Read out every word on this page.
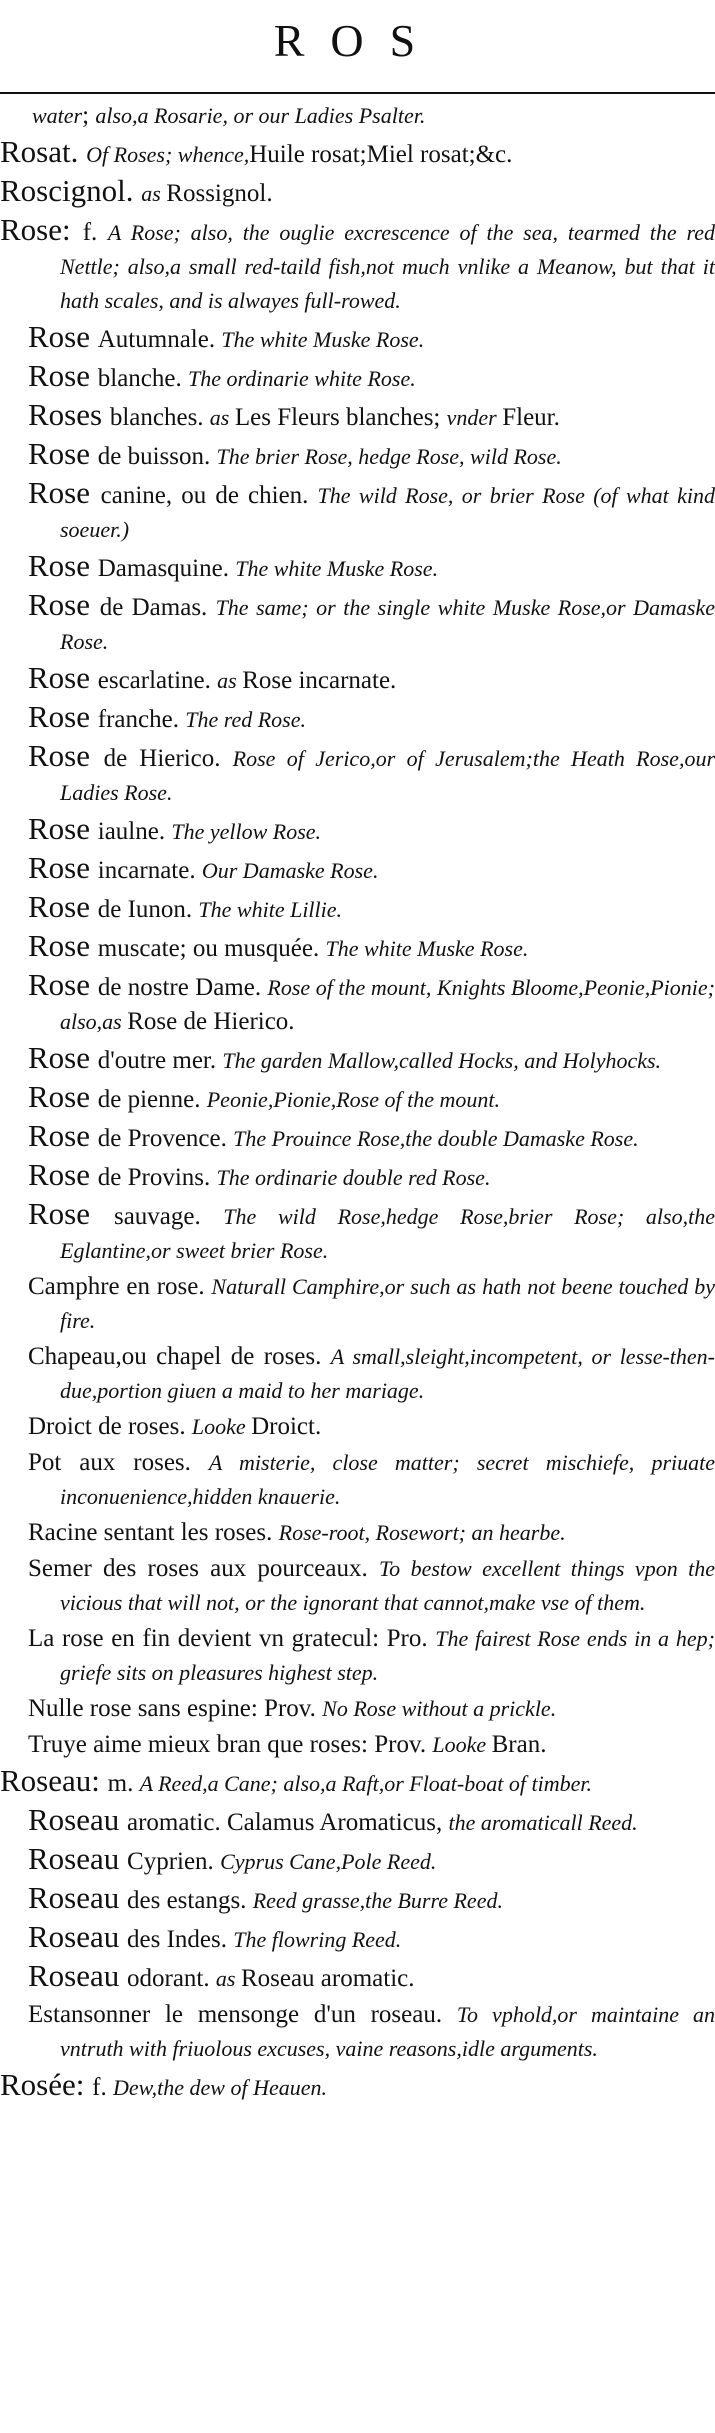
ROS
water; also,a Rosarie, or our Ladies Psalter.
Rosat. Of Roses; whence,Huile rosat;Miel rosat;&c.
Roscignol. as Rossignol.
Rose: f. A Rose; also, the ouglie excrescence of the sea, tearmed the red Nettle; also,a small red-taild fish,not much vnlike a Meanow, but that it hath scales, and is alwayes full-rowed.
Rose Autumnale. The white Muske Rose.
Rose blanche. The ordinarie white Rose.
Roses blanches. as Les Fleurs blanches; vnder Fleur.
Rose de buisson. The brier Rose, hedge Rose, wild Rose.
Rose canine, ou de chien. The wild Rose, or brier Rose (of what kind soeuer.)
Rose Damasquine. The white Muske Rose.
Rose de Damas. The same; or the single white Muske Rose,or Damaske Rose.
Rose escarlatine. as Rose incarnate.
Rose franche. The red Rose.
Rose de Hierico. Rose of Jerico,or of Jerusalem;the Heath Rose,our Ladies Rose.
Rose iaulne. The yellow Rose.
Rose incarnate. Our Damaske Rose.
Rose de Iunon. The white Lillie.
Rose muscate; ou musquée. The white Muske Rose.
Rose de nostre Dame. Rose of the mount, Knights Bloome,Peonie,Pionie; also,as Rose de Hierico.
Rose d'outre mer. The garden Mallow,called Hocks, and Holyhocks.
Rose de pienne. Peonie,Pionie,Rose of the mount.
Rose de Provence. The Prouince Rose,the double Damaske Rose.
Rose de Provins. The ordinarie double red Rose.
Rose sauvage. The wild Rose,hedge Rose,brier Rose; also,the Eglantine,or sweet brier Rose.
Camphre en rose. Naturall Camphire,or such as hath not beene touched by fire.
Chapeau,ou chapel de roses. A small,sleight,incompetent, or lesse-then-due,portion giuen a maid to her mariage.
Droict de roses. Looke Droict.
Pot aux roses. A misterie, close matter; secret mischiefe, priuate inconuenience,hidden knauerie.
Racine sentant les roses. Rose-root, Rosewort; an hearbe.
Semer des roses aux pourceaux. To bestow excellent things vpon the vicious that will not, or the ignorant that cannot,make vse of them.
La rose en fin devient vn gratecul: Pro. The fairest Rose ends in a hep; griefe sits on pleasures highest step.
Nulle rose sans espine: Prov. No Rose without a prickle.
Truye aime mieux bran que roses: Prov. Looke Bran.
Roseau: m. A Reed,a Cane; also,a Raft,or Float-boat of timber.
Roseau aromatic. Calamus Aromaticus, the aromaticall Reed.
Roseau Cyprien. Cyprus Cane,Pole Reed.
Roseau des estangs. Reed grasse,the Burre Reed.
Roseau des Indes. The flowring Reed.
Roseau odorant. as Roseau aromatic.
Estansonner le mensonge d'un roseau. To vphold,or maintaine an vntruth with friuolous excuses, vaine reasons,idle arguments.
Rosée: f. Dew,the dew of Heauen.
